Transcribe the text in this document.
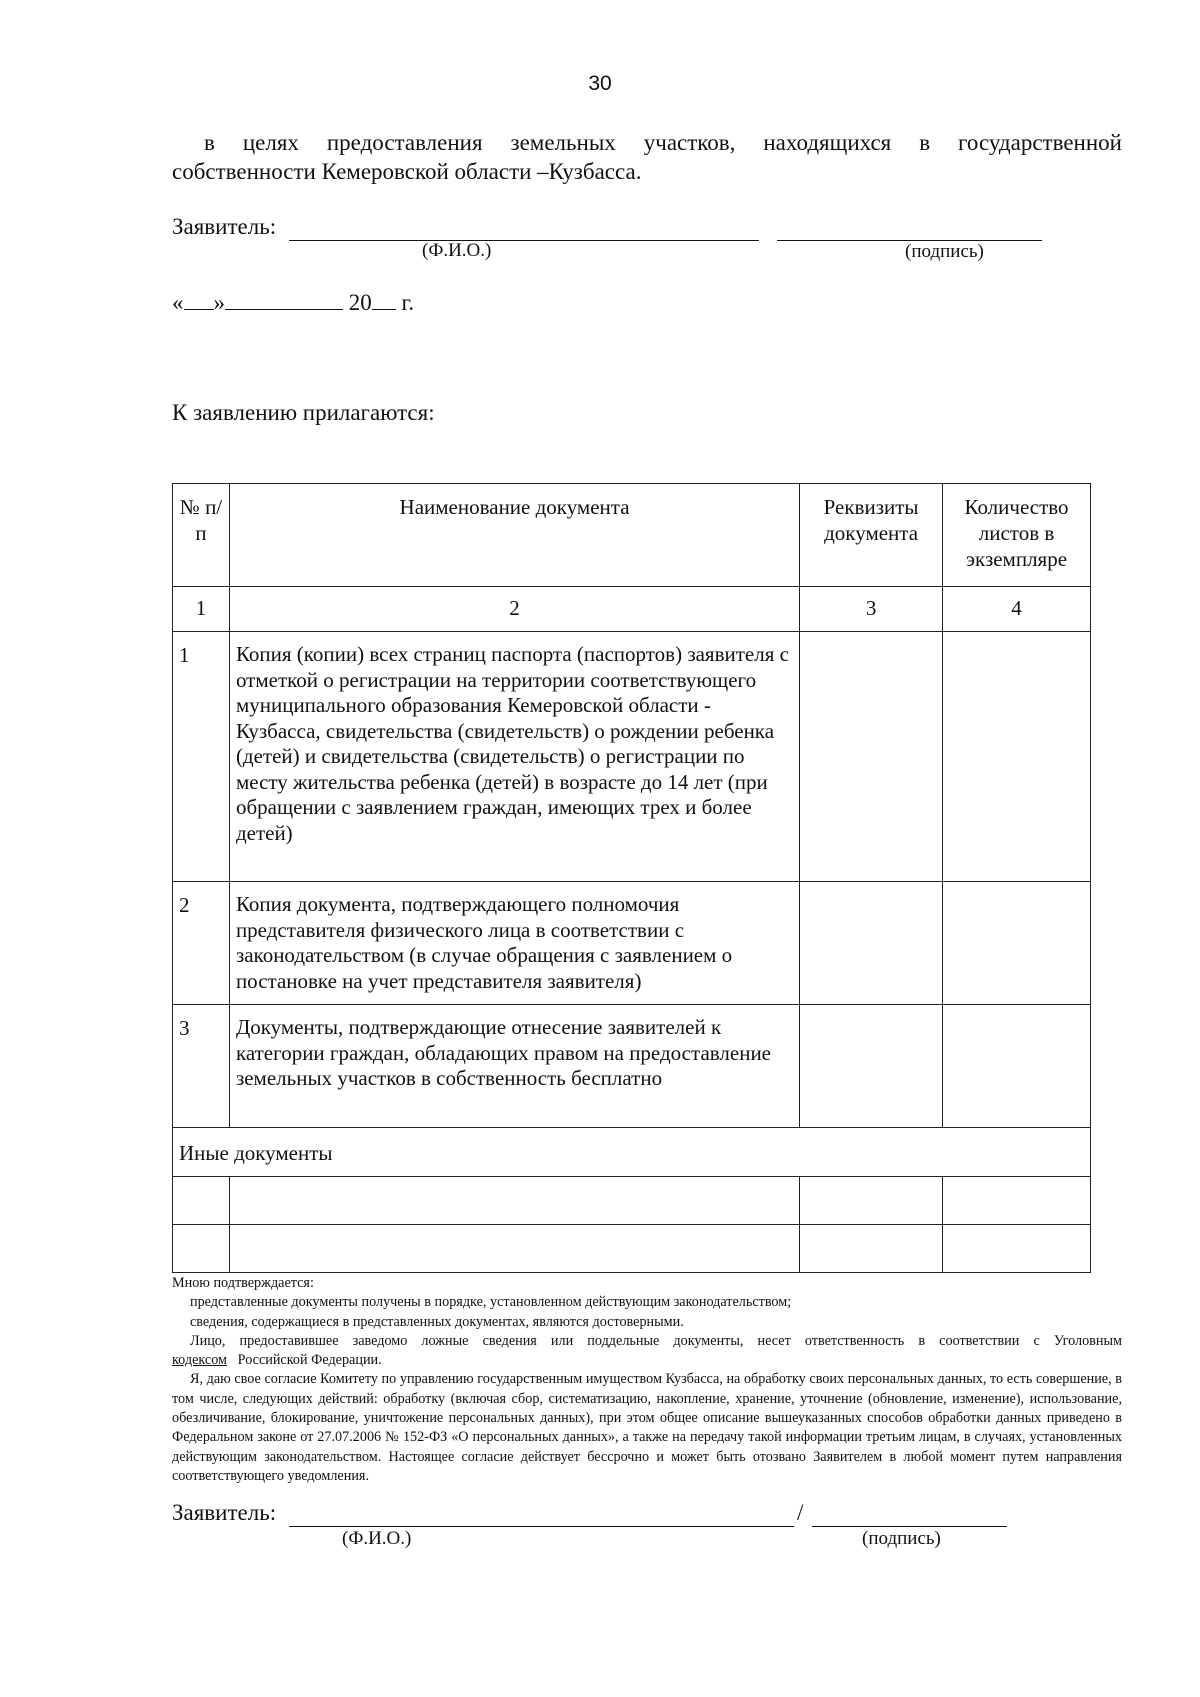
30
в целях предоставления земельных участков, находящихся в государственной
собственности Кемеровской области –Кузбасса.
Заявитель:
(Ф.И.О.)	(подпись)
« »	20 г.
К заявлению прилагаются:
№ п/п	Наименование документа	Реквизиты документа	Количество листов в экземпляре
1	2	3	4
1	Копия (копии) всех страниц паспорта (паспортов) заявителя с отметкой о регистрации на территории соответствующего муниципального образования Кемеровской области - Кузбасса, свидетельства (свидетельств) о рождении ребенка (детей) и свидетельства (свидетельств) о регистрации по месту жительства ребенка (детей) в возрасте до 14 лет (при обращении с заявлением граждан, имеющих трех и более детей)		
2	Копия документа, подтверждающего полномочия представителя физического лица в соответствии с законодательством (в случае обращения с заявлением о постановке на учет представителя заявителя)		
3	Документы, подтверждающие отнесение заявителей к категории граждан, обладающих правом на предоставление земельных участков в собственность бесплатно		
Иные документы			

Мною подтверждается:

представленные документы получены в порядке, установленном действующим законодательством;

сведения, содержащиеся в представленных документах, являются достоверными.

Лицо, предоставившее заведомо ложные сведения или поддельные документы, несет ответственность в соответствии с Уголовным кодексом Российской Федерации.

Я, даю свое согласие Комитету по управлению государственным имуществом Кузбасса, на обработку своих персональных данных, то есть совершение, в том числе, следующих действий: обработку (включая сбор, систематизацию, накопление, хранение, уточнение (обновление, изменение), использование, обезличивание, блокирование, уничтожение персональных данных), при этом общее описание вышеуказанных способов обработки данных приведено в Федеральном законе от 27.07.2006 № 152-ФЗ «О персональных данных», а также на передачу такой информации третьим лицам, в случаях, установленных действующим законодательством. Настоящее согласие действует бессрочно и может быть отозвано Заявителем в любой момент путем направления соответствующего уведомления.

Заявитель:	/
(Ф.И.О.)	(подпись)
